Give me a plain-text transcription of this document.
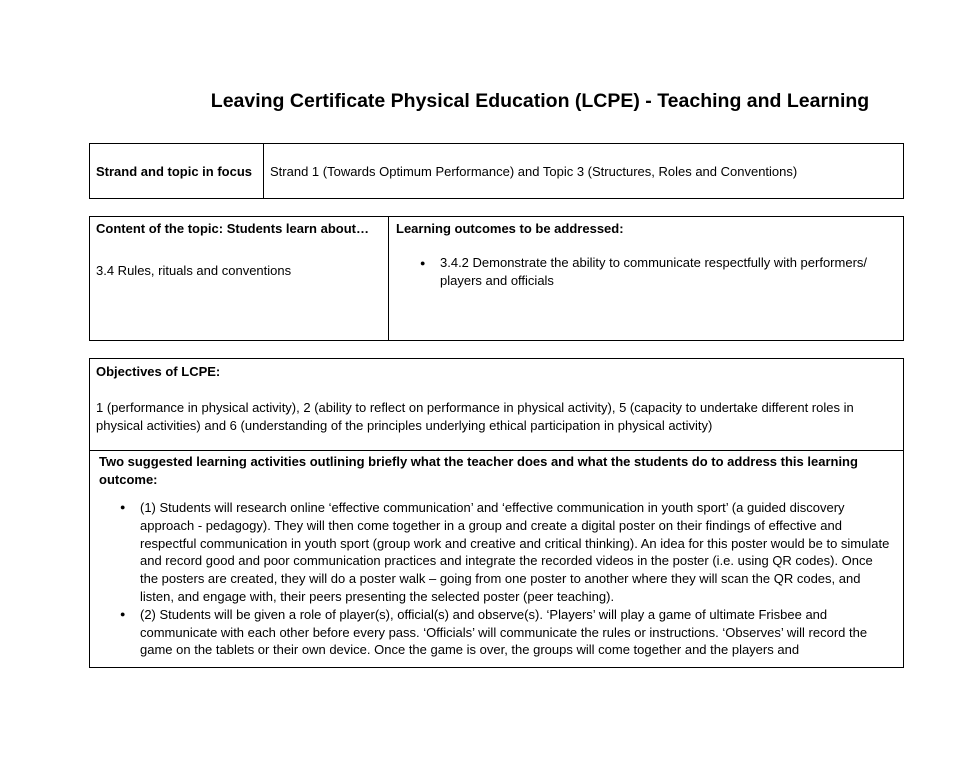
Leaving Certificate Physical Education (LCPE) - Teaching and Learning
Strand and topic in focus	Strand 1 (Towards Optimum Performance) and Topic 3 (Structures, Roles and Conventions)
Content of the topic: Students learn about…
3.4 Rules, rituals and conventions
Learning outcomes to be addressed:
● 3.4.2 Demonstrate the ability to communicate respectfully with performers/ players and officials
Objectives of LCPE:
1 (performance in physical activity), 2 (ability to reflect on performance in physical activity), 5 (capacity to undertake different roles in physical activities) and 6 (understanding of the principles underlying ethical participation in physical activity)
Two suggested learning activities outlining briefly what the teacher does and what the students do to address this learning outcome:
● (1) Students will research online ‘effective communication’ and ‘effective communication in youth sport’ (a guided discovery approach - pedagogy). They will then come together in a group and create a digital poster on their findings of effective and respectful communication in youth sport (group work and creative and critical thinking). An idea for this poster would be to simulate and record good and poor communication practices and integrate the recorded videos in the poster (i.e. using QR codes). Once the posters are created, they will do a poster walk – going from one poster to another where they will scan the QR codes, and listen, and engage with, their peers presenting the selected poster (peer teaching).
● (2) Students will be given a role of player(s), official(s) and observe(s). ‘Players’ will play a game of ultimate Frisbee and communicate with each other before every pass. ‘Officials’ will communicate the rules or instructions. ‘Observes’ will record the game on the tablets or their own device. Once the game is over, the groups will come together and the players and
